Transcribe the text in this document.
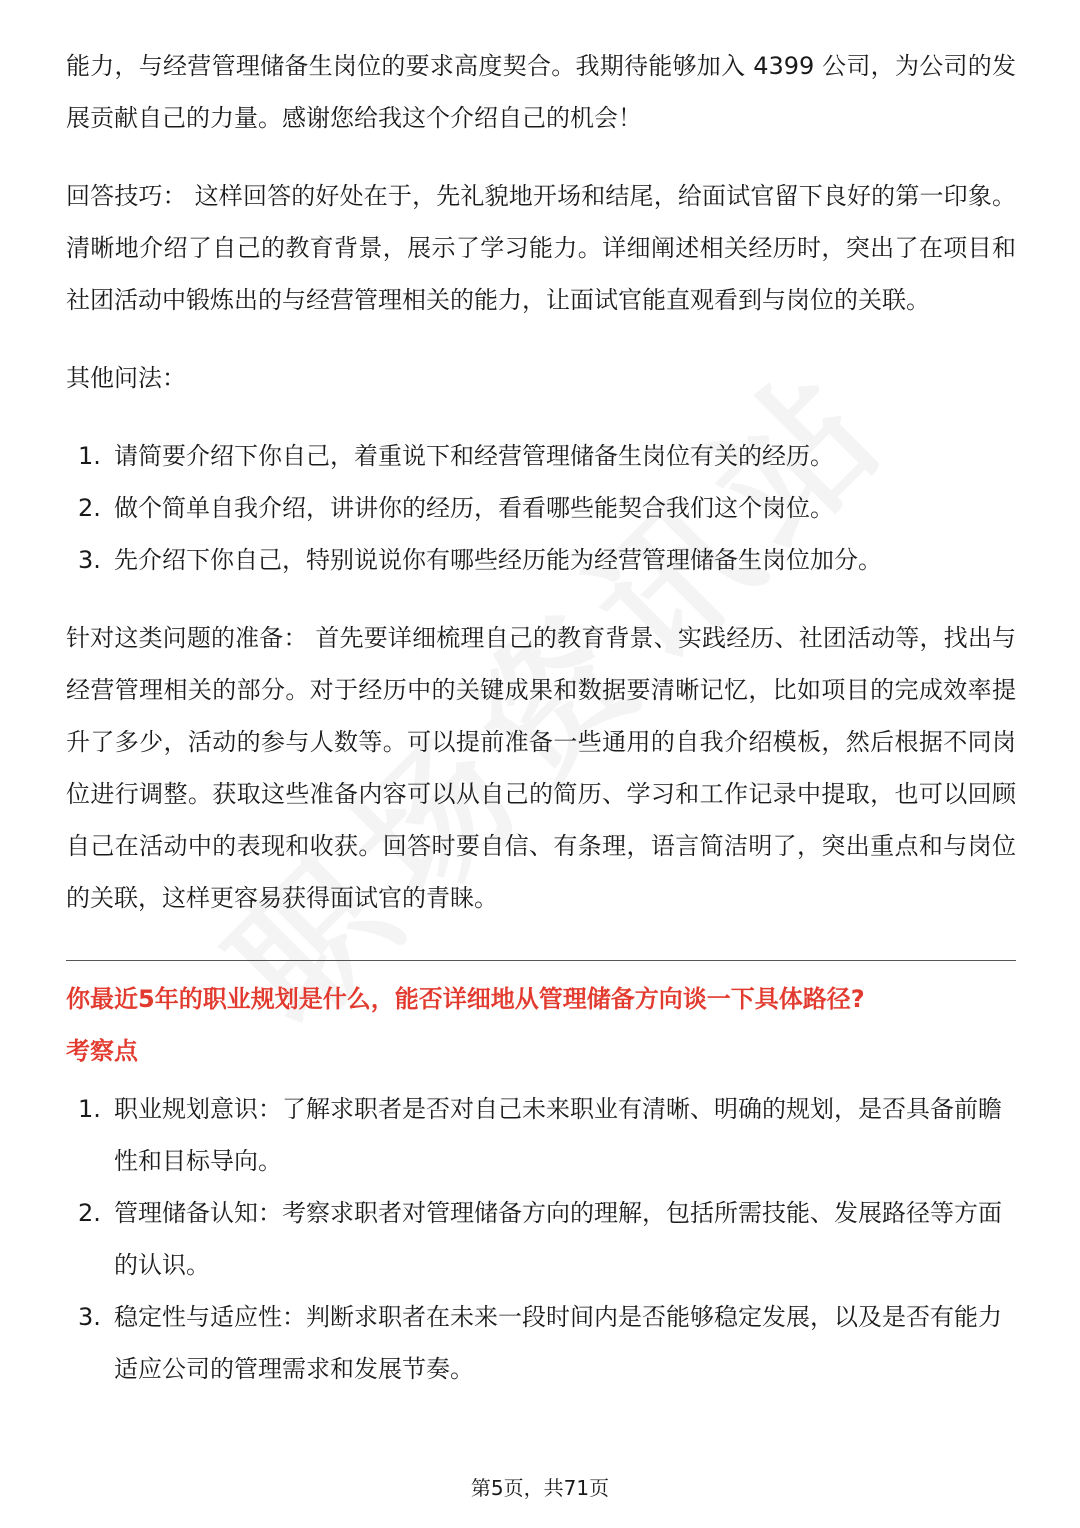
能力，与经营管理储备生岗位的要求高度契合。我期待能够加入 4399 公司，为公司的发展贡献自己的力量。感谢您给我这个介绍自己的机会！

回答技巧： 这样回答的好处在于，先礼貌地开场和结尾，给面试官留下良好的第一印象。清晰地介绍了自己的教育背景，展示了学习能力。详细阐述相关经历时，突出了在项目和社团活动中锻炼出的与经营管理相关的能力，让面试官能直观看到与岗位的关联。

其他问法：

1. 请简要介绍下你自己，着重说下和经营管理储备生岗位有关的经历。
2. 做个简单自我介绍，讲讲你的经历，看看哪些能契合我们这个岗位。
3. 先介绍下你自己，特别说说你有哪些经历能为经营管理储备生岗位加分。

针对这类问题的准备： 首先要详细梳理自己的教育背景、实践经历、社团活动等，找出与经营管理相关的部分。对于经历中的关键成果和数据要清晰记忆，比如项目的完成效率提升了多少，活动的参与人数等。可以提前准备一些通用的自我介绍模板，然后根据不同岗位进行调整。获取这些准备内容可以从自己的简历、学习和工作记录中提取，也可以回顾自己在活动中的表现和收获。回答时要自信、有条理，语言简洁明了，突出重点和与岗位的关联，这样更容易获得面试官的青睐。

你最近5年的职业规划是什么，能否详细地从管理储备方向谈一下具体路径?

考察点

1. 职业规划意识：了解求职者是否对自己未来职业有清晰、明确的规划，是否具备前瞻性和目标导向。
2. 管理储备认知：考察求职者对管理储备方向的理解，包括所需技能、发展路径等方面的认识。
3. 稳定性与适应性：判断求职者在未来一段时间内是否能够稳定发展，以及是否有能力适应公司的管理需求和发展节奏。
第5页，共71页
